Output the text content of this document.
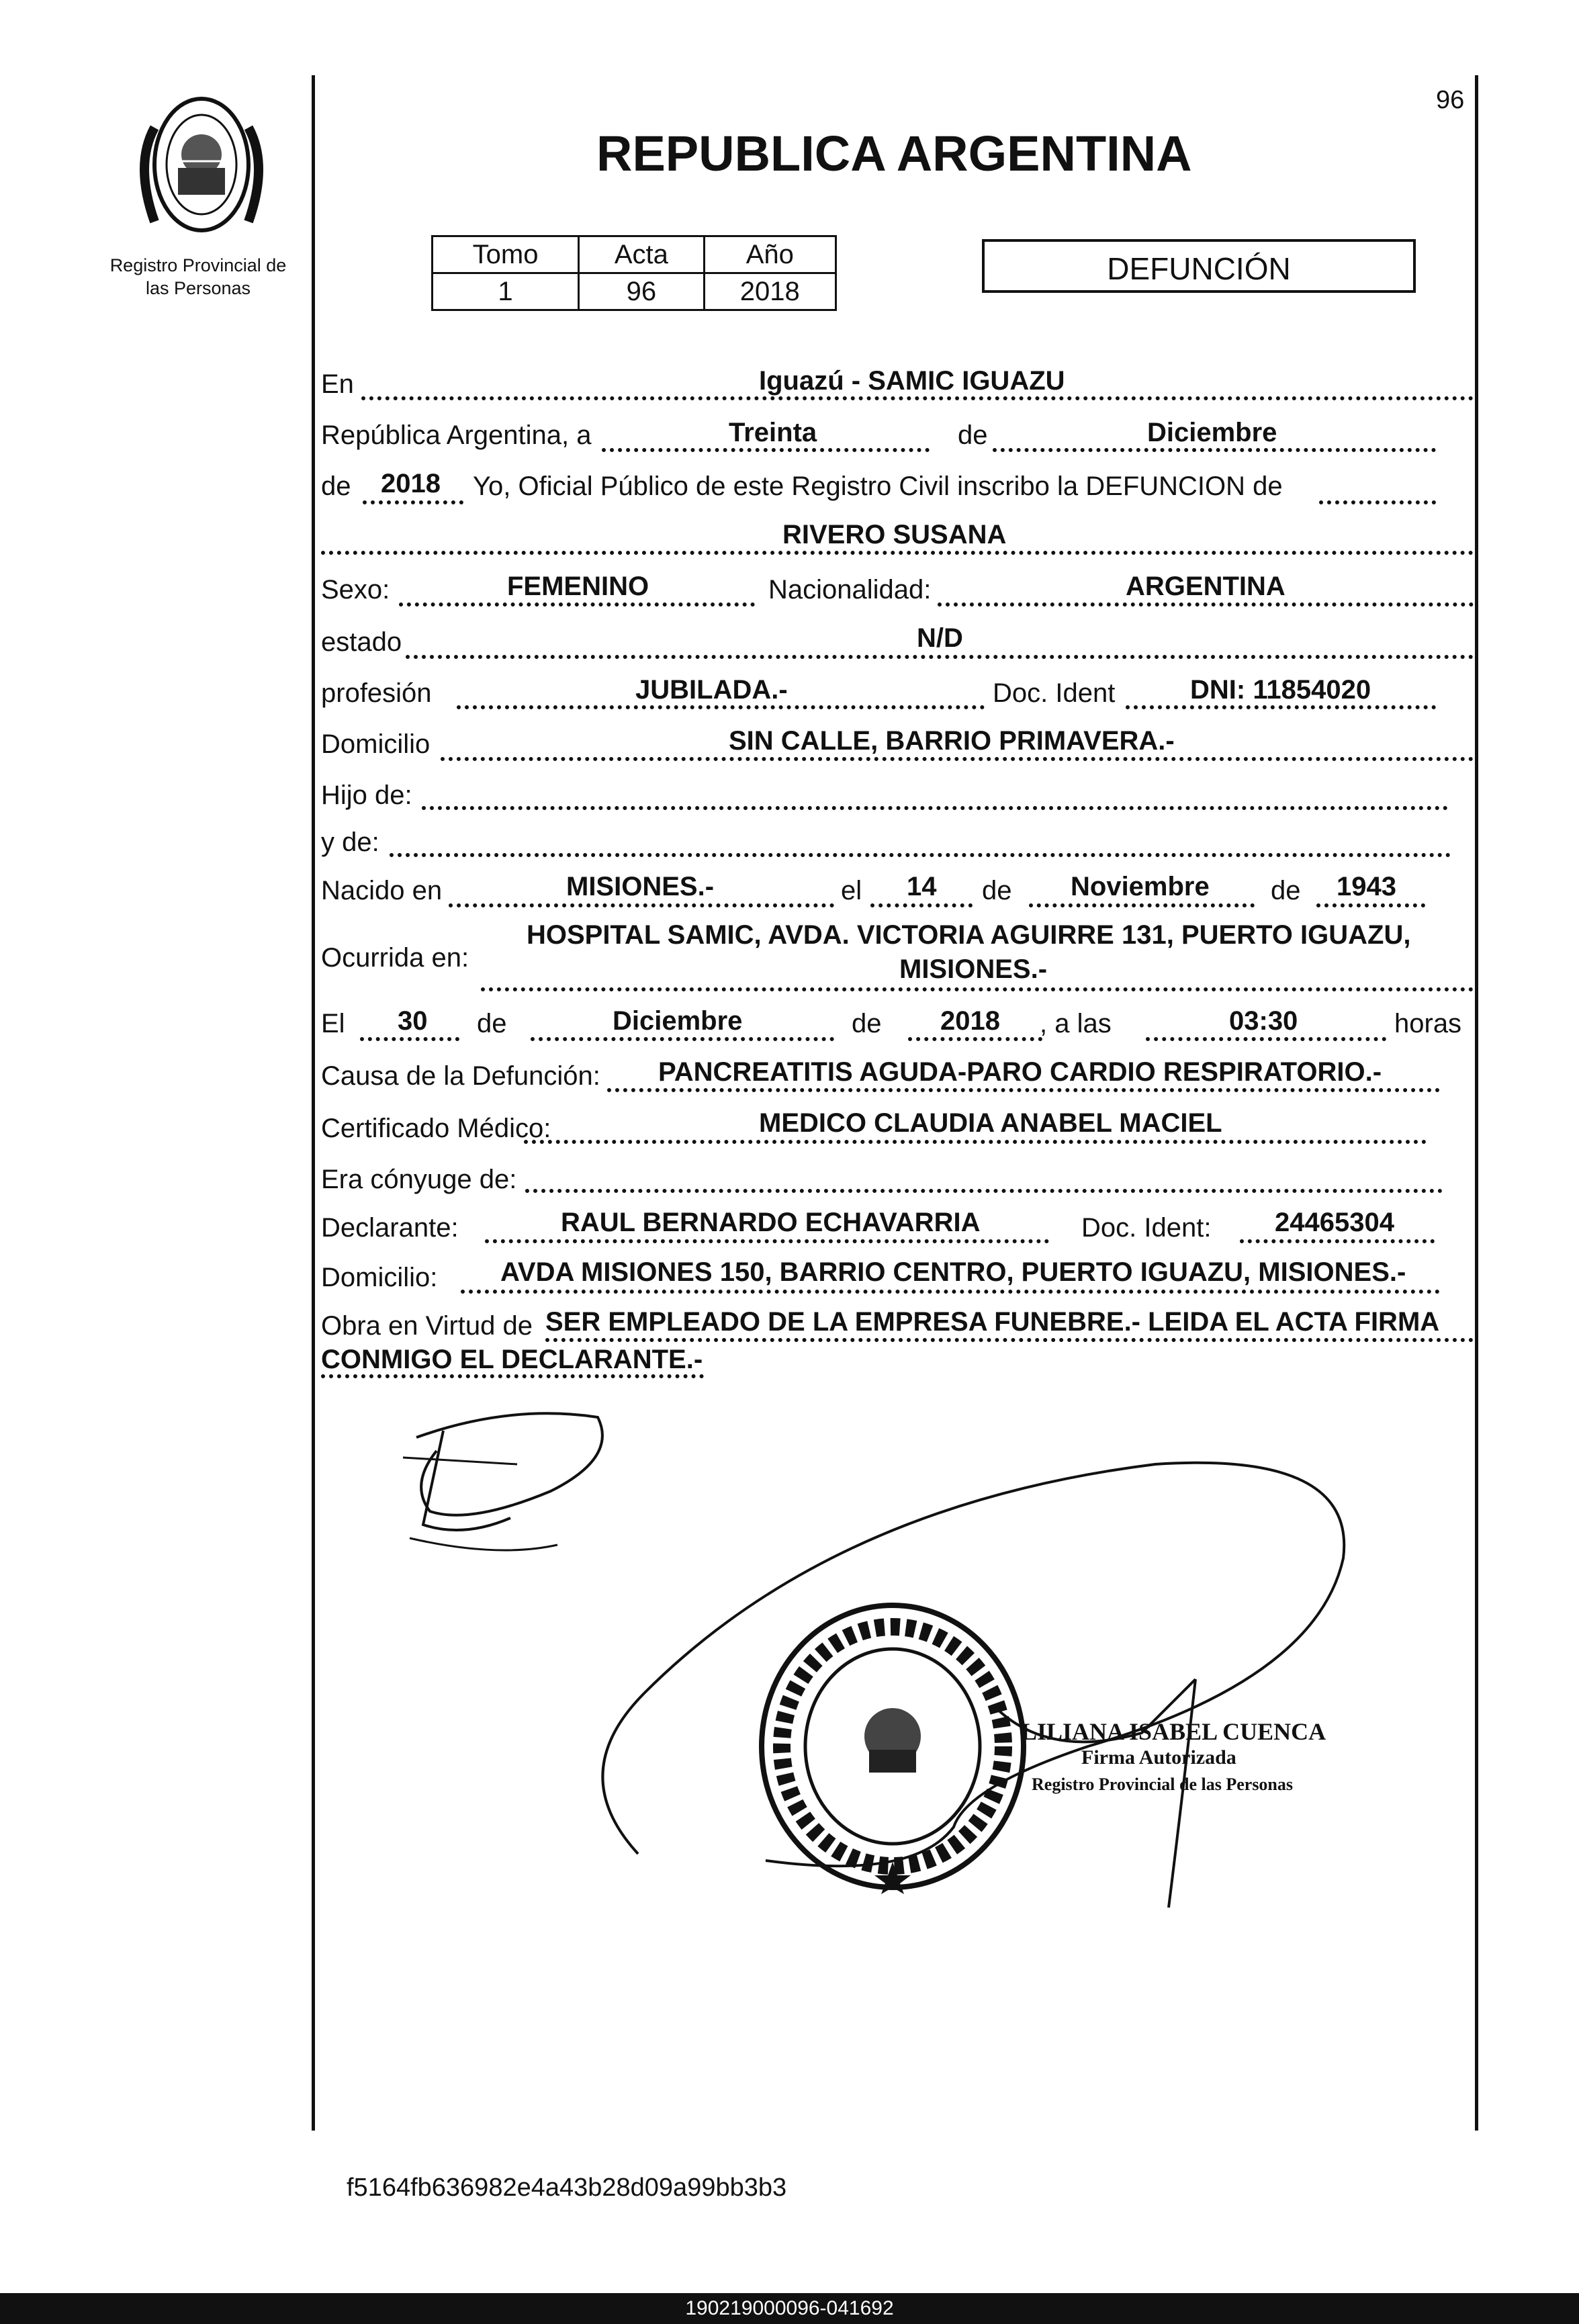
Registro Provincial de
las Personas
96
REPUBLICA ARGENTINA
Tomo	Acta	Año
1	96	2018
DEFUNCIÓN
En	Iguazú - SAMIC IGUAZU
República Argentina, a	Treinta	de	Diciembre
de 2018 Yo, Oficial Público de este Registro Civil inscribo la DEFUNCION de
RIVERO SUSANA
Sexo:	FEMENINO	Nacionalidad:	ARGENTINA
estado	N/D
profesión	JUBILADA.-	Doc. Ident	DNI: 11854020
Domicilio	SIN CALLE, BARRIO PRIMAVERA.-
Hijo de:
y de:
Nacido en	MISIONES.-	el 14 de Noviembre de 1943
Ocurrida en:
HOSPITAL SAMIC, AVDA. VICTORIA AGUIRRE 131, PUERTO IGUAZU,
MISIONES.-
El 30 de	Diciembre	de 2018 , a las	03:30	horas
Causa de la Defunción: PANCREATITIS AGUDA-PARO CARDIO RESPIRATORIO.-
Certificado Médico:	MEDICO CLAUDIA ANABEL MACIEL
Era cónyuge de:
Declarante:	RAUL BERNARDO ECHAVARRIA	Doc. Ident: 24465304
Domicilio: AVDA MISIONES 150, BARRIO CENTRO, PUERTO IGUAZU, MISIONES.-
Obra en Virtud de SER EMPLEADO DE LA EMPRESA FUNEBRE.- LEIDA EL ACTA FIRMA
CONMIGO EL DECLARANTE.-
LILIANA ISABEL CUENCA
Firma Autorizada
Registro Provincial de las Personas
f5164fb636982e4a43b28d09a99bb3b3
190219000096-041692
